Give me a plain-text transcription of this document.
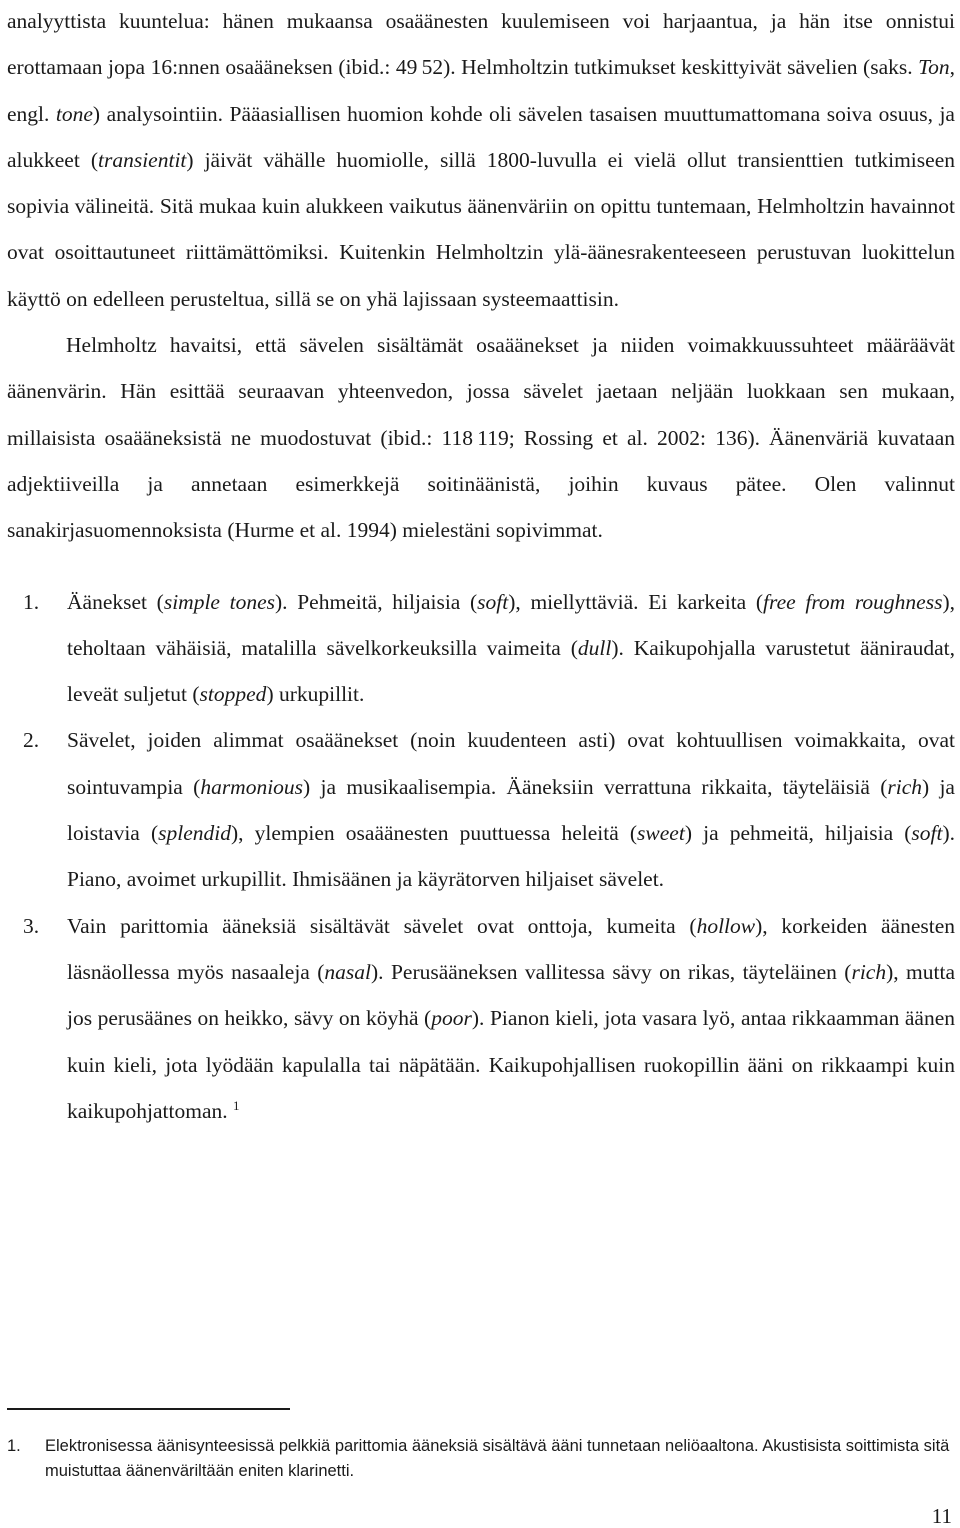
analyyttista kuuntelua: hänen mukaansa osaäänesten kuulemiseen voi harjaantua, ja hän itse onnistui erottamaan jopa 16:nnen osaääneksen (ibid.: 49 52). Helmholtzin tutkimukset keskittyivät sävelien (saks. Ton, engl. tone) analysointiin. Pääasiallisen huomion kohde oli sävelen tasaisen muuttumattomana soiva osuus, ja alukkeet (transientit) jäivät vähälle huomiolle, sillä 1800-luvulla ei vielä ollut transienttien tutkimiseen sopivia välineitä. Sitä mukaa kuin alukkeen vaikutus äänenväriin on opittu tuntemaan, Helmholtzin havainnot ovat osoittautuneet riittämättömiksi. Kuitenkin Helmholtzin ylä-äänesrakenteeseen perustuvan luokittelun käyttö on edelleen perusteltua, sillä se on yhä lajissaan systeemaattisin.

Helmholtz havaitsi, että sävelen sisältämät osaäänekset ja niiden voimakkuussuhteet määräävät äänenvärin. Hän esittää seuraavan yhteenvedon, jossa sävelet jaetaan neljään luokkaan sen mukaan, millaisista osaääneksistä ne muodostuvat (ibid.: 118 119; Rossing et al. 2002: 136). Äänenväriä kuvataan adjektiiveilla ja annetaan esimerkkejä soitinäänistä, joihin kuvaus pätee. Olen valinnut sanakirjasuomennoksista (Hurme et al. 1994) mielestäni sopivimmat.

1. Äänekset (simple tones). Pehmeitä, hiljaisia (soft), miellyttäviä. Ei karkeita (free from roughness), teholtaan vähäisiä, matalilla sävelkorkeuksilla vaimeita (dull). Kaikupohjalla varustetut ääniraudat, leveät suljetut (stopped) urkupillit.
2. Sävelet, joiden alimmat osaäänekset (noin kuudenteen asti) ovat kohtuullisen voimakkaita, ovat sointuvampia (harmonious) ja musikaalisempia. Ääneksiin verrattuna rikkaita, täyteläisiä (rich) ja loistavia (splendid), ylempien osaäänesten puuttuessa heleitä (sweet) ja pehmeitä, hiljaisia (soft). Piano, avoimet urkupillit. Ihmisäänen ja käyrätorven hiljaiset sävelet.
3. Vain parittomia ääneksiä sisältävät sävelet ovat onttoja, kumeita (hollow), korkeiden äänesten läsnäollessa myös nasaaleja (nasal). Perusääneksen vallitessa sävy on rikas, täyteläinen (rich), mutta jos perusäänes on heikko, sävy on köyhä (poor). Pianon kieli, jota vasara lyö, antaa rikkaamman äänen kuin kieli, jota lyödään kapulalla tai näpätään. Kaikupohjallisen ruokopillin ääni on rikkaampi kuin kaikupohjattoman. $^1$
1.	Elektronisessa äänisynteesissä pelkkiä parittomia ääneksiä sisältävä ääni tunnetaan neliöaaltona. Akustisista soittimista sitä muistuttaa äänenväriltään eniten klarinetti.
11
